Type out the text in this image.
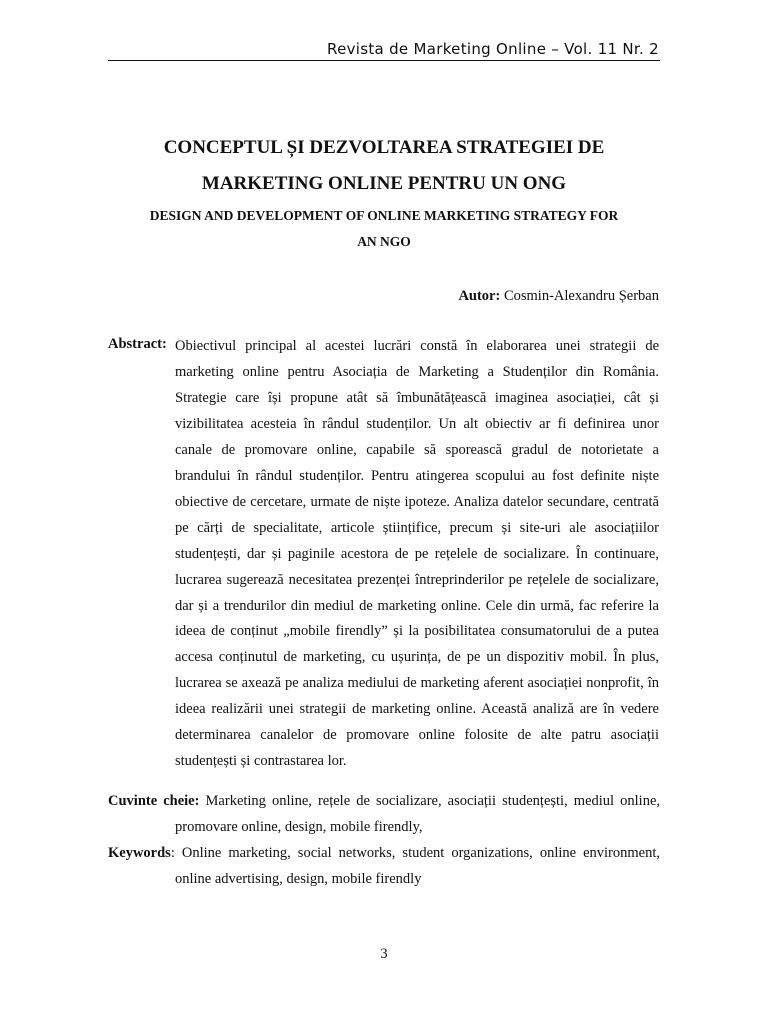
Revista de Marketing Online – Vol. 11 Nr. 2
CONCEPTUL ȘI DEZVOLTAREA STRATEGIEI DE
MARKETING ONLINE PENTRU UN ONG
DESIGN AND DEVELOPMENT OF ONLINE MARKETING STRATEGY FOR
AN NGO
Autor: Cosmin-Alexandru Șerban
Abstract: Obiectivul principal al acestei lucrări constă în elaborarea unei strategii de marketing online pentru Asociația de Marketing a Studenților din România. Strategie care își propune atât să îmbunătățească imaginea asociației, cât și vizibilitatea acesteia în rândul studenților. Un alt obiectiv ar fi definirea unor canale de promovare online, capabile să sporească gradul de notorietate a brandului în rândul studenților. Pentru atingerea scopului au fost definite niște obiective de cercetare, urmate de niște ipoteze. Analiza datelor secundare, centrată pe cărți de specialitate, articole științifice, precum și site-uri ale asociațiilor studențești, dar și paginile acestora de pe rețelele de socializare. În continuare, lucrarea sugerează necesitatea prezenței întreprinderilor pe rețelele de socializare, dar și a trendurilor din mediul de marketing online. Cele din urmă, fac referire la ideea de conținut „mobile firendly” și la posibilitatea consumatorului de a putea accesa conținutul de marketing, cu ușurința, de pe un dispozitiv mobil. În plus, lucrarea se axează pe analiza mediului de marketing aferent asociației nonprofit, în ideea realizării unei strategii de marketing online. Această analiză are în vedere determinarea canalelor de promovare online folosite de alte patru asociații studențești și contrastarea lor.

Cuvinte cheie: Marketing online, rețele de socializare, asociații studențești, mediul online, promovare online, design, mobile firendly,

Keywords: Online marketing, social networks, student organizations, online environment, online advertising, design, mobile firendly

3
